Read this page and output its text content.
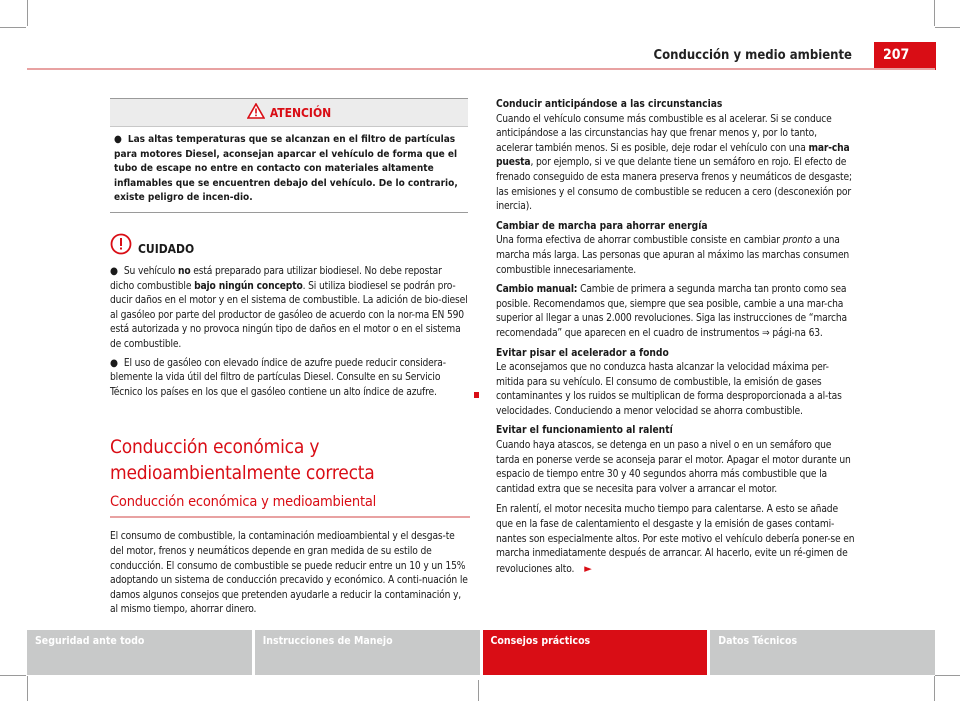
Conducción y medio ambiente	207
ATENCIÓN
● Las altas temperaturas que se alcanzan en el filtro de partículas para motores Diesel, aconsejan aparcar el vehículo de forma que el tubo de escape no entre en contacto con materiales altamente inflamables que se encuentren debajo del vehículo. De lo contrario, existe peligro de incen-dio.
CUIDADO

● Su vehículo no está preparado para utilizar biodiesel. No debe repostar dicho combustible bajo ningún concepto. Si utiliza biodiesel se podrán pro-ducir daños en el motor y en el sistema de combustible. La adición de bio-diesel al gasóleo por parte del productor de gasóleo de acuerdo con la nor-ma EN 590 está autorizada y no provoca ningún tipo de daños en el motor o en el sistema de combustible.

● El uso de gasóleo con elevado índice de azufre puede reducir considera-blemente la vida útil del filtro de partículas Diesel. Consulte en su Servicio Técnico los países en los que el gasóleo contiene un alto índice de azufre.

Conducción económica y
medioambientalmente correcta
Conducción económica y medioambiental

El consumo de combustible, la contaminación medioambiental y el desgas-te del motor, frenos y neumáticos depende en gran medida de su estilo de conducción. El consumo de combustible se puede reducir entre un 10 y un 15% adoptando un sistema de conducción precavido y económico. A conti-nuación le damos algunos consejos que pretenden ayudarle a reducir la contaminación y, al mismo tiempo, ahorrar dinero.

Conducir anticipándose a las circunstancias

Cuando el vehículo consume más combustible es al acelerar. Si se conduce anticipándose a las circunstancias hay que frenar menos y, por lo tanto, acelerar también menos. Si es posible, deje rodar el vehículo con una mar-cha puesta, por ejemplo, si ve que delante tiene un semáforo en rojo. El efecto de frenado conseguido de esta manera preserva frenos y neumáticos de desgaste; las emisiones y el consumo de combustible se reducen a cero (desconexión por inercia).

Cambiar de marcha para ahorrar energía

Una forma efectiva de ahorrar combustible consiste en cambiar pronto a una marcha más larga. Las personas que apuran al máximo las marchas consumen combustible innecesariamente.

Cambio manual: Cambie de primera a segunda marcha tan pronto como sea posible. Recomendamos que, siempre que sea posible, cambie a una mar-cha superior al llegar a unas 2.000 revoluciones. Siga las instrucciones de “marcha recomendada” que aparecen en el cuadro de instrumentos ⇒ pági-na 63.

Evitar pisar el acelerador a fondo

Le aconsejamos que no conduzca hasta alcanzar la velocidad máxima per-mitida para su vehículo. El consumo de combustible, la emisión de gases contaminantes y los ruidos se multiplican de forma desproporcionada a al-tas velocidades. Conduciendo a menor velocidad se ahorra combustible.

Evitar el funcionamiento al ralentí

Cuando haya atascos, se detenga en un paso a nivel o en un semáforo que tarda en ponerse verde se aconseja parar el motor. Apagar el motor durante un espacio de tiempo entre 30 y 40 segundos ahorra más combustible que la cantidad extra que se necesita para volver a arrancar el motor.

En ralentí, el motor necesita mucho tiempo para calentarse. A esto se añade que en la fase de calentamiento el desgaste y la emisión de gases contami-nantes son especialmente altos. Por este motivo el vehículo debería poner-se en marcha inmediatamente después de arrancar. Al hacerlo, evite un ré-gimen de revoluciones alto. ►

Seguridad ante todo	Instrucciones de Manejo	Consejos prácticos	Datos Técnicos
